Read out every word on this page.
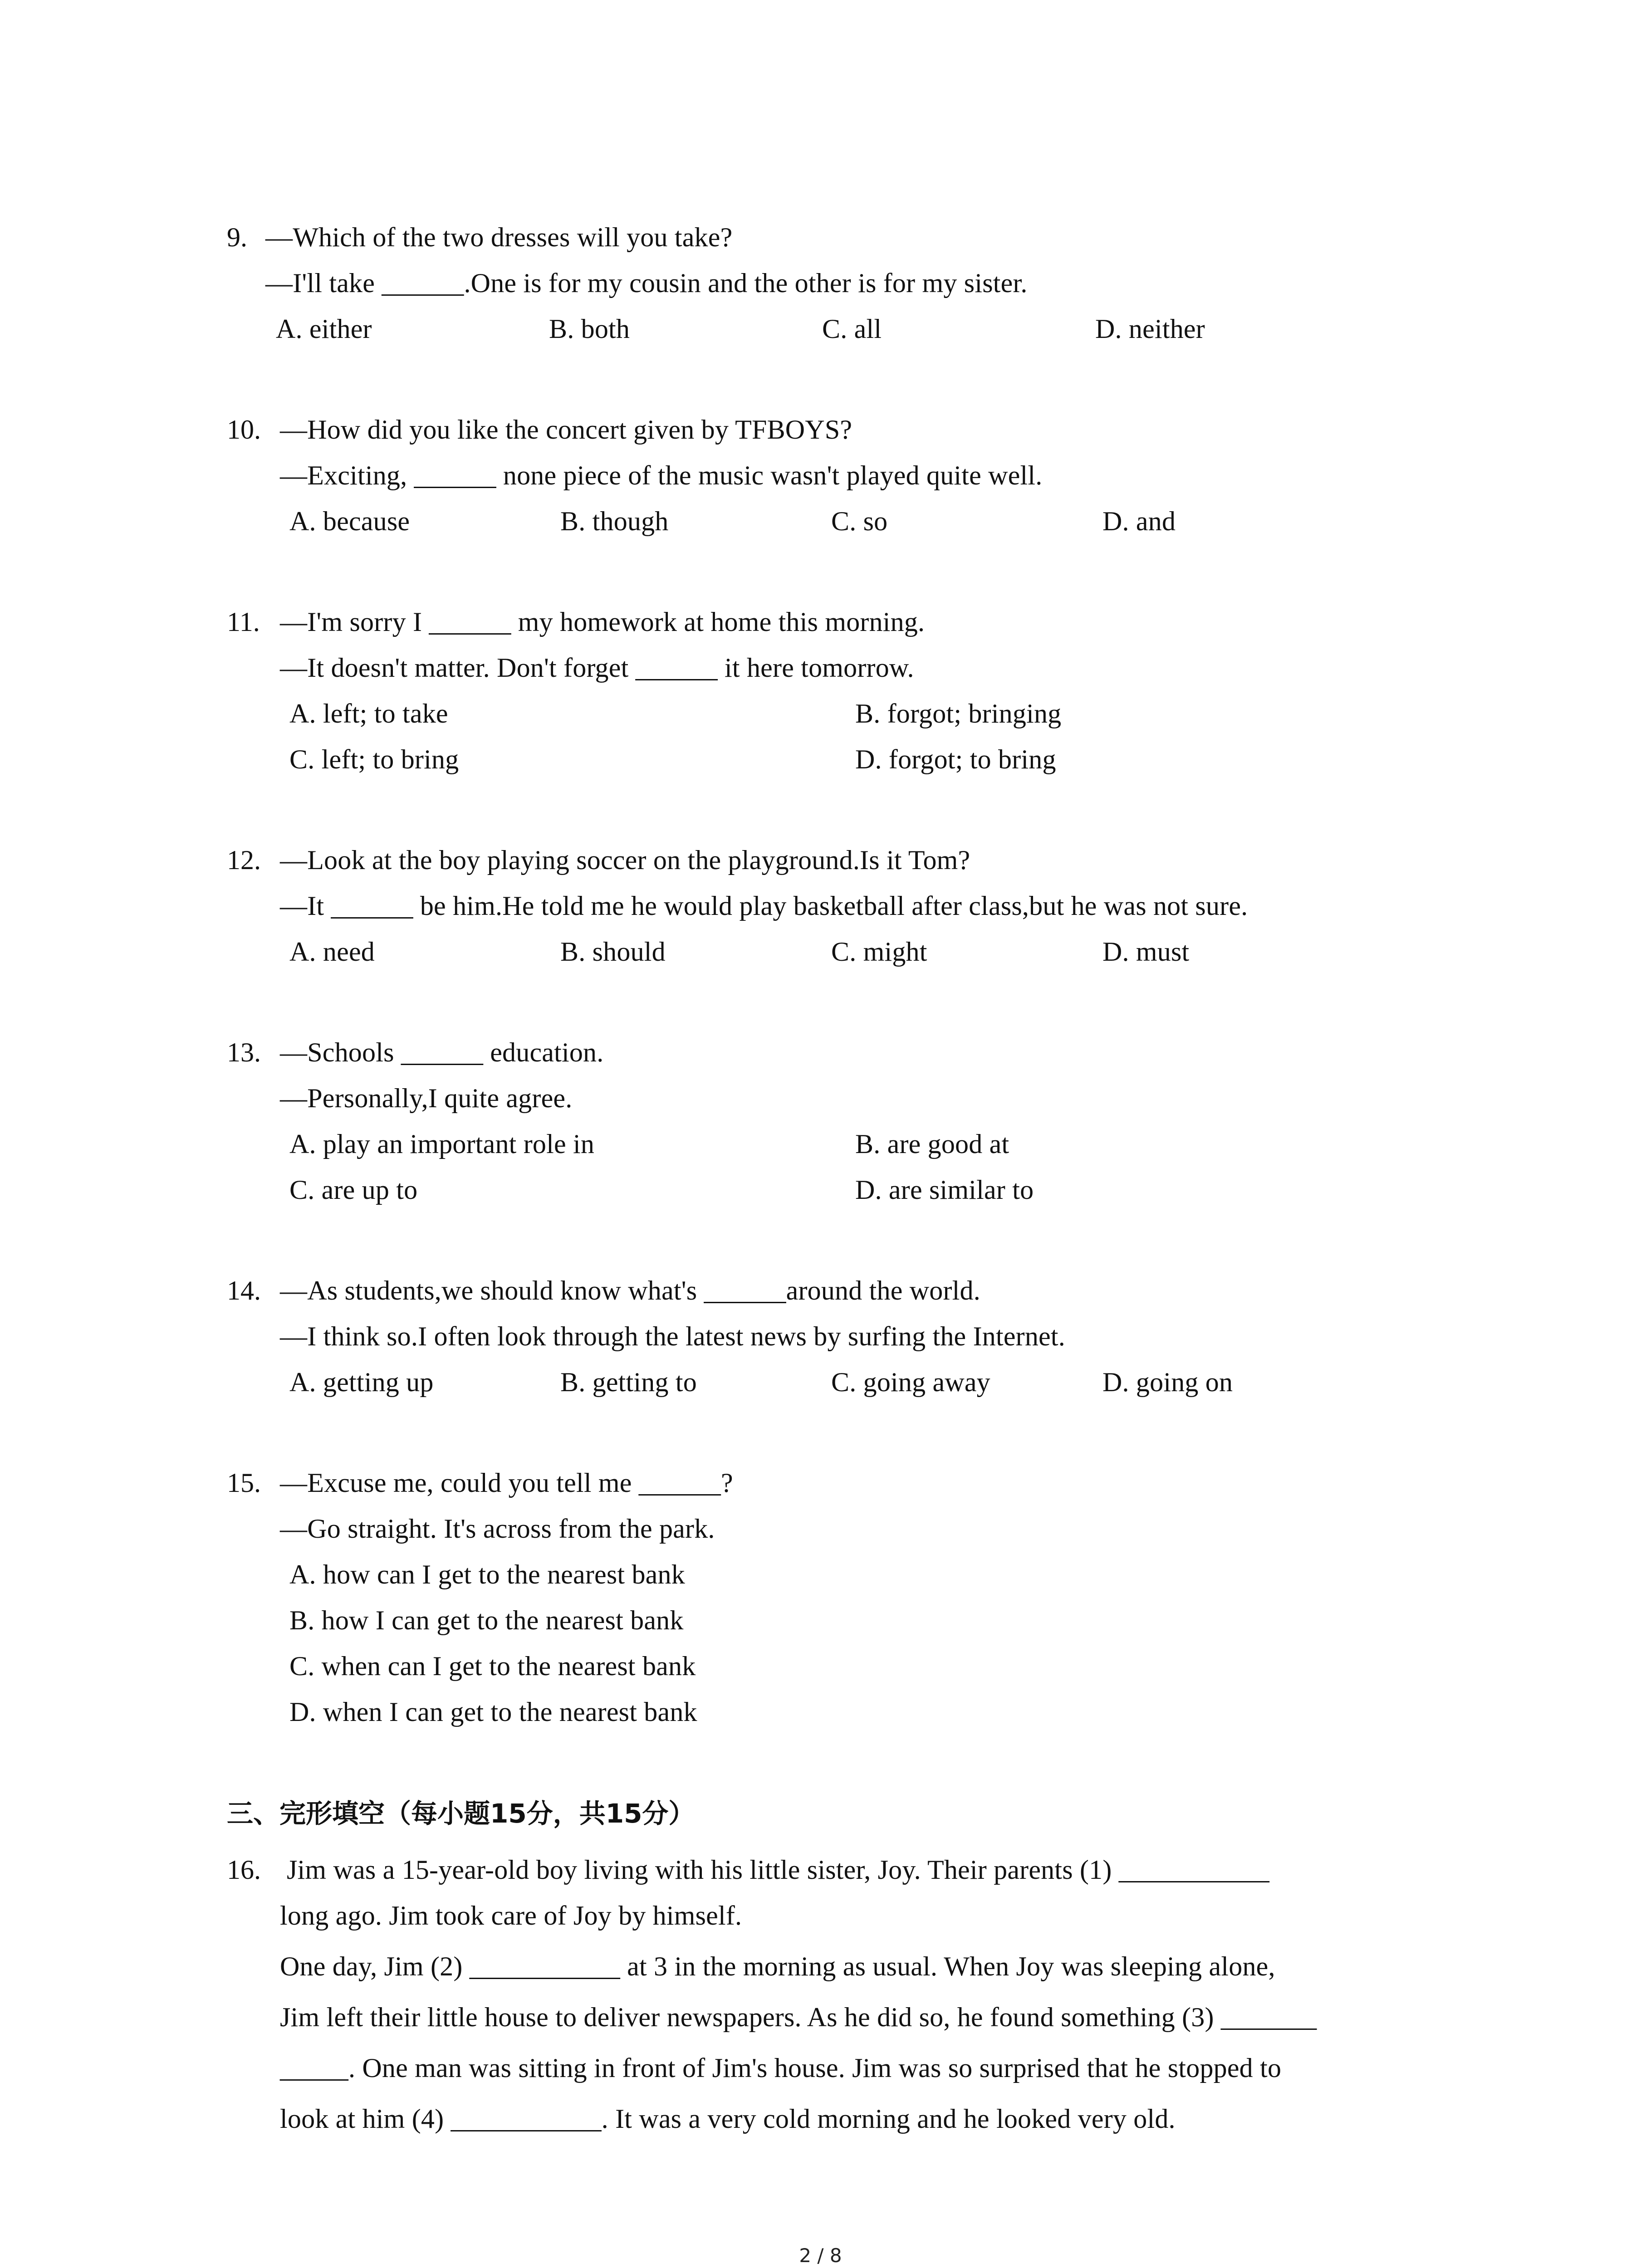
9. —Which of the two dresses will you take?

—I'll take ______.One is for my cousin and the other is for my sister.

A. either	B. both	C. all	D. neither

10. —How did you like the concert given by TFBOYS?

—Exciting, ______ none piece of the music wasn't played quite well.

A. because	B. though	C. so	D. and

11. —I'm sorry I ______ my homework at home this morning.

—It doesn't matter. Don't forget ______ it here tomorrow.

A. left; to take	B. forgot; bringing

C. left; to bring	D. forgot; to bring

12. —Look at the boy playing soccer on the playground.Is it Tom?

—It ______ be him.He told me he would play basketball after class,but he was not sure.

A. need	B. should	C. might	D. must

13. —Schools ______ education.

—Personally,I quite agree.

A. play an important role in	B. are good at

C. are up to	D. are similar to

14. —As students,we should know what's ______around the world.

—I think so.I often look through the latest news by surfing the Internet.

A. getting up	B. getting to	C. going away	D. going on

15. —Excuse me, could you tell me ______?

—Go straight. It's across from the park.

A. how can I get to the nearest bank

B. how I can get to the nearest bank

C. when can I get to the nearest bank

D. when I can get to the nearest bank

三、完形填空（每小题15分，共15分）

16. Jim was a 15-year-old boy living with his little sister, Joy. Their parents (1) ___________

long ago. Jim took care of Joy by himself.

One day, Jim (2) ___________ at 3 in the morning as usual. When Joy was sleeping alone,

Jim left their little house to deliver newspapers. As he did so, he found something (3) _______

_____. One man was sitting in front of Jim's house. Jim was so surprised that he stopped to

look at him (4) ___________. It was a very cold morning and he looked very old.

2 / 8
